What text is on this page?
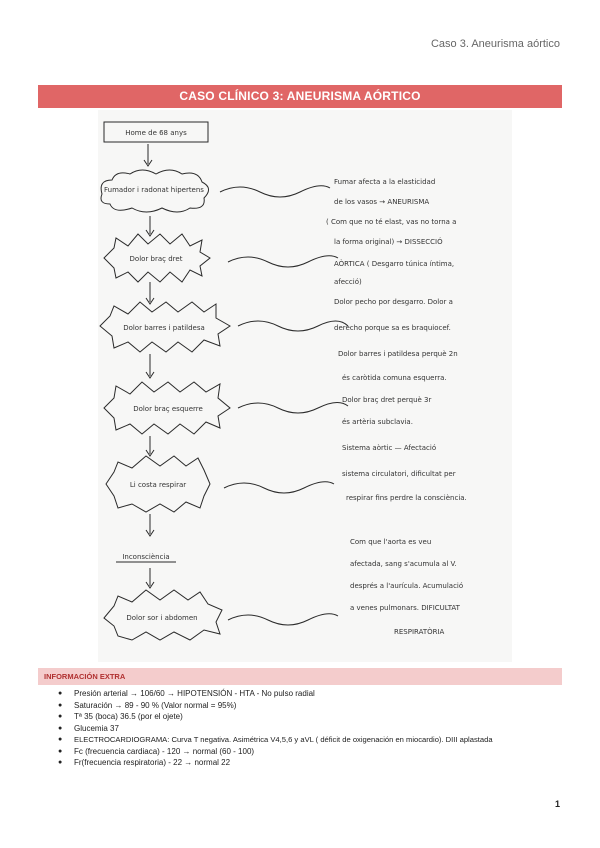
Caso 3. Aneurisma aórtico
CASO CLÍNICO 3: ANEURISMA AÓRTICO
Home de 68 anys
Fumador i radonat hipertens
Dolor braç dret
Dolor barres i patildesa
Dolor braç esquerre
Li costa respirar
Inconsciència
Dolor sor i abdomen
Fumar afecta a la elasticidad
de los vasos → ANEURISMA
( Com que no té elast, vas no torna a
la forma original) → DISSECCIÓ
AÒRTICA ( Desgarro túnica íntima,
afecció)
Dolor pecho por desgarro. Dolor a
derecho porque sa es braquiocef.
Dolor barres i patildesa perquè 2n
és caròtida comuna esquerra.
Dolor braç dret perquè 3r
és artèria subclavia.
Sistema aòrtic — Afectació
sistema circulatori, dificultat per
respirar fins perdre la consciència.
Com que l'aorta es veu
afectada, sang s'acumula al V.
després a l'aurícula. Acumulació
a venes pulmonars. DIFICULTAT
RESPIRATÒRIA
INFORMACIÓN EXTRA
● Presión arterial → 106/60 → HIPOTENSIÓN - HTA - No pulso radial
● Saturación → 89 - 90 % (Valor normal = 95%)
● Tª 35 (boca) 36.5 (por el ojete)
● Glucemia 37
● ELECTROCARDIOGRAMA: Curva T negativa. Asimétrica V4,5,6 y aVL ( déficit de oxigenación en miocardio). DIII aplastada
● Fc (frecuencia cardiaca) - 120 → normal (60 - 100)
● Fr(frecuencia respiratoria) - 22 → normal 22
1
